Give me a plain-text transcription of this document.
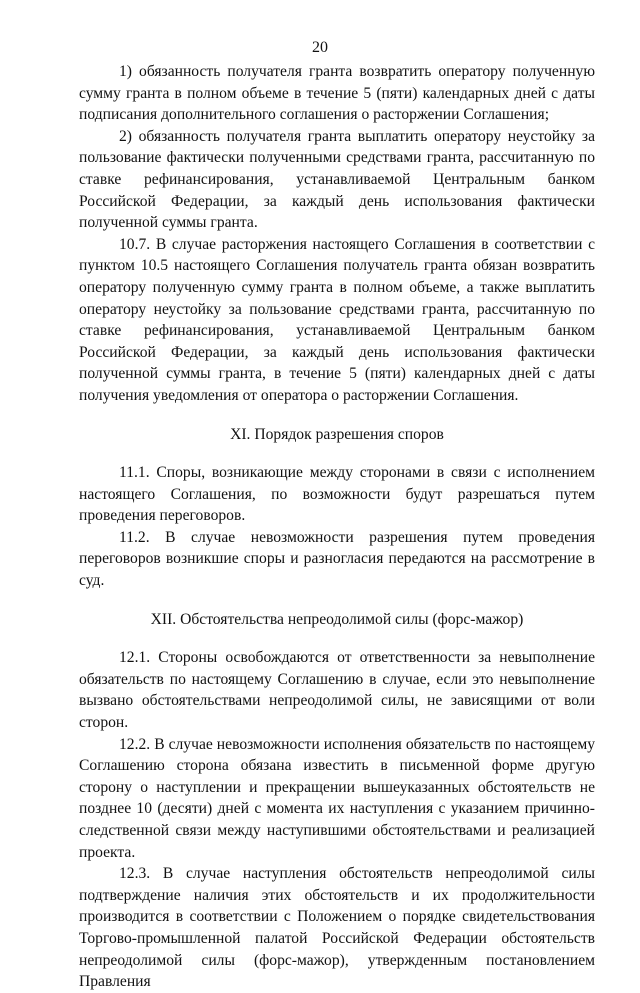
20

1) обязанность получателя гранта возвратить оператору полученную сумму гранта в полном объеме в течение 5 (пяти) календарных дней с даты подписания дополнительного соглашения о расторжении Соглашения;

2) обязанность получателя гранта выплатить оператору неустойку за пользование фактически полученными средствами гранта, рассчитанную по ставке рефинансирования, устанавливаемой Центральным банком Российской Федерации, за каждый день использования фактически полученной суммы гранта.

10.7. В случае расторжения настоящего Соглашения в соответствии с пунктом 10.5 настоящего Соглашения получатель гранта обязан возвратить оператору полученную сумму гранта в полном объеме, а также выплатить оператору неустойку за пользование средствами гранта, рассчитанную по ставке рефинансирования, устанавливаемой Центральным банком Российской Федерации, за каждый день использования фактически полученной суммы гранта, в течение 5 (пяти) календарных дней с даты получения уведомления от оператора о расторжении Соглашения.

XI. Порядок разрешения споров

11.1. Споры, возникающие между сторонами в связи с исполнением настоящего Соглашения, по возможности будут разрешаться путем проведения переговоров.

11.2. В случае невозможности разрешения путем проведения переговоров возникшие споры и разногласия передаются на рассмотрение в суд.

XII. Обстоятельства непреодолимой силы (форс-мажор)

12.1. Стороны освобождаются от ответственности за невыполнение обязательств по настоящему Соглашению в случае, если это невыполнение вызвано обстоятельствами непреодолимой силы, не зависящими от воли сторон.

12.2. В случае невозможности исполнения обязательств по настоящему Соглашению сторона обязана известить в письменной форме другую сторону о наступлении и прекращении вышеуказанных обстоятельств не позднее 10 (десяти) дней с момента их наступления с указанием причинно-следственной связи между наступившими обстоятельствами и реализацией проекта.

12.3. В случае наступления обстоятельств непреодолимой силы подтверждение наличия этих обстоятельств и их продолжительности производится в соответствии с Положением о порядке свидетельствования Торгово-промышленной палатой Российской Федерации обстоятельств непреодолимой силы (форс-мажор), утвержденным постановлением Правления
